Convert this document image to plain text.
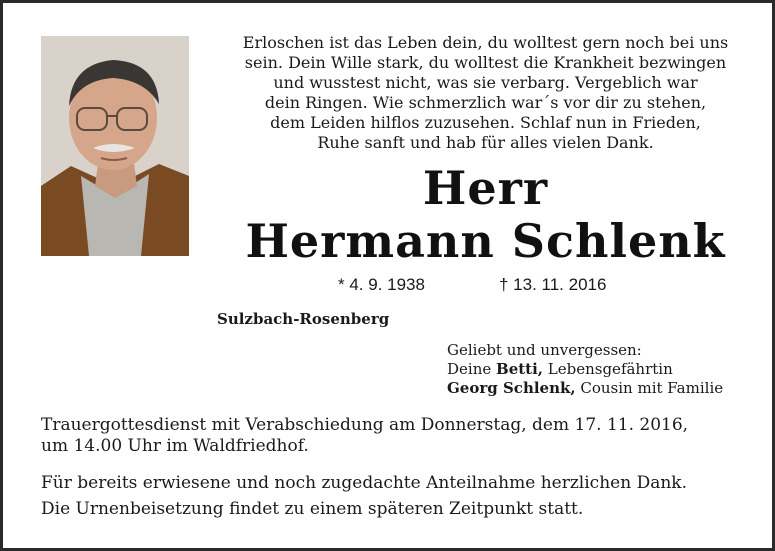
Erloschen ist das Leben dein, du wolltest gern noch bei uns
sein. Dein Wille stark, du wolltest die Krankheit bezwingen
und wusstest nicht, was sie verbarg. Vergeblich war
dein Ringen. Wie schmerzlich war´s vor dir zu stehen,
dem Leiden hilflos zuzusehen. Schlaf nun in Frieden,
Ruhe sanft und hab für alles vielen Dank.
Herr
Hermann Schlenk
* 4. 9. 1938	† 13. 11. 2016
Sulzbach-Rosenberg
Geliebt und unvergessen:
Deine Betti, Lebensgefährtin
Georg Schlenk, Cousin mit Familie
Trauergottesdienst mit Verabschiedung am Donnerstag, dem 17. 11. 2016,
um 14.00 Uhr im Waldfriedhof.
Für bereits erwiesene und noch zugedachte Anteilnahme herzlichen Dank.
Die Urnenbeisetzung findet zu einem späteren Zeitpunkt statt.
